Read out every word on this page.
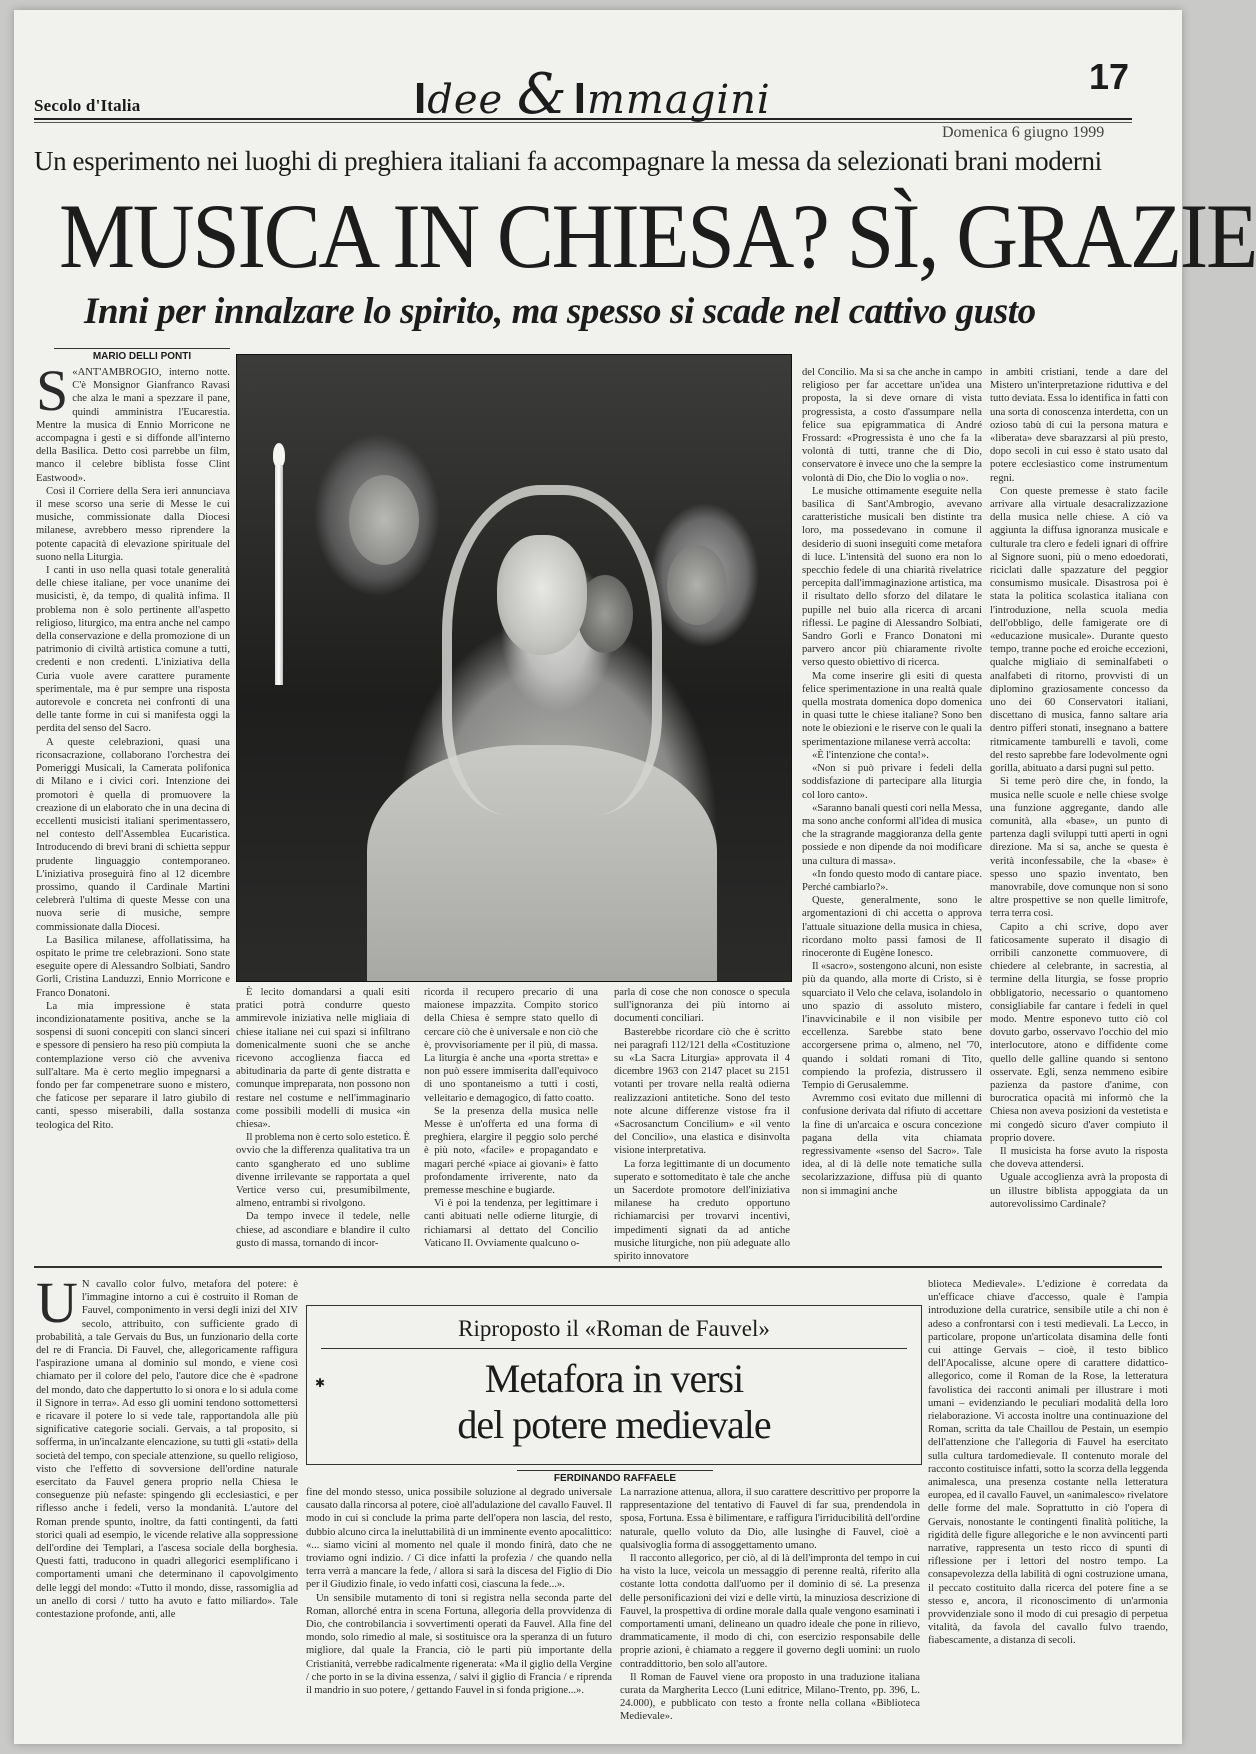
Secolo d'Italia	Idee & Immagini
17
Domenica 6 giugno 1999
Un esperimento nei luoghi di preghiera italiani fa accompagnare la messa da selezionati brani moderni
MUSICA IN CHIESA? SÌ, GRAZIE
Inni per innalzare lo spirito, ma spesso si scade nel cattivo gusto
MARIO DELLI PONTI
S «ANT'AMBROGIO, interno notte. C'è Monsignor Gianfranco Ravasi che alza le mani a spezzare il pane, quindi amministra l'Eucarestia. Mentre la musica di Ennio Morricone ne accompagna i gesti e si diffonde all'interno della Basilica. Detto così parrebbe un film, manco il celebre biblista fosse Clint Eastwood».

Così il Corriere della Sera ieri annunciava il mese scorso una serie di Messe le cui musiche, commissionate dalla Diocesi milanese, avrebbero messo riprendere la potente capacità di elevazione spirituale del suono nella Liturgia.

I canti in uso nella quasi totale generalità delle chiese italiane, per voce unanime dei musicisti, è, da tempo, di qualità infima. Il problema non è solo pertinente all'aspetto religioso, liturgico, ma entra anche nel campo della conservazione e della promozione di un patrimonio di civiltà artistica comune a tutti, credenti e non credenti. L'iniziativa della Curia vuole avere carattere puramente sperimentale, ma è pur sempre una risposta autorevole e concreta nei confronti di una delle tante forme in cui si manifesta oggi la perdita del senso del Sacro.

A queste celebrazioni, quasi una riconsacrazione, collaborano l'orchestra dei Pomeriggi Musicali, la Camerata polifonica di Milano e i civici cori. Intenzione dei promotori è quella di promuovere la creazione di un elaborato che in una decina di eccellenti musicisti italiani sperimentassero, nel contesto dell'Assemblea Eucaristica. Introducendo di brevi brani di schietta seppur prudente linguaggio contemporaneo. L'iniziativa proseguirà fino al 12 dicembre prossimo, quando il Cardinale Martini celebrerà l'ultima di queste Messe con una nuova serie di musiche, sempre commissionate dalla Diocesi.

La Basilica milanese, affollatissima, ha ospitato le prime tre celebrazioni. Sono state eseguite opere di Alessandro Solbiati, Sandro Gorli, Cristina Landuzzi, Ennio Morricone e Franco Donatoni.

La mia impressione è stata incondizionatamente positiva, anche se la sospensi di suoni concepiti con slanci sinceri e spessore di pensiero ha reso più compiuta la contemplazione verso ciò che avveniva sull'altare. Ma è certo meglio impegnarsi a fondo per far compenetrare suono e mistero, che faticose per separare il latro giubilo di canti, spesso miserabili, dalla sostanza teologica del Rito.

È lecito domandarsi a quali esiti pratici potrà condurre questo ammirevole iniziativa nelle migliaia di chiese italiane nei cui spazi si infiltrano domenicalmente suoni che se anche ricevono accoglienza fiacca ed abitudinaria da parte di gente distratta e comunque impreparata, non possono non restare nel costume e nell'immaginario come possibili modelli di musica «in chiesa».

Il problema non è certo solo estetico. È ovvio che la differenza qualitativa tra un canto sgangherato ed uno sublime divenne irrilevante se rapportata a quel Vertice verso cui, presumibilmente, almeno, entrambi si rivolgono.

Da tempo invece il tedele, nelle chiese, ad ascondiare e blandire il culto gusto di massa, tornando di incor-

ricorda il recupero precario di una maionese impazzita. Compito storico della Chiesa è sempre stato quello di cercare ciò che è universale e non ciò che è, provvisoriamente per il più, di massa. La liturgia è anche una «porta stretta» e non può essere immiserita dall'equivoco di uno spontaneismo a tutti i costi, velleitario e demagogico, di fatto coatto.

Se la presenza della musica nelle Messe è un'offerta ed una forma di preghiera, elargire il peggio solo perché è più noto, «facile» e propagandato e magari perché «piace ai giovani» è fatto profondamente irriverente, nato da premesse meschine e bugiarde.

Vi è poi la tendenza, per legittimare i canti abituati nelle odierne liturgie, di richiamarsi al dettato del Concilio Vaticano II. Ovviamente qualcuno o-

parla di cose che non conosce o specula sull'ignoranza dei più intorno ai documenti conciliari.

Basterebbe ricordare ciò che è scritto nei paragrafi 112/121 della «Costituzione su «La Sacra Liturgia» approvata il 4 dicembre 1963 con 2147 placet su 2151 votanti per trovare nella realtà odierna realizzazioni antitetiche. Sono del testo note alcune differenze vistose fra il «Sacrosanctum Concilium» e «il vento del Concilio», una elastica e disinvolta visione interpretativa.

La forza legittimante di un documento superato e sottomeditato è tale che anche un Sacerdote promotore dell'iniziativa milanese ha creduto opportuno richiamarcisi per trovarvi incentivi, impedimenti signati da ad antiche musiche liturgiche, non più adeguate allo spirito innovatore

del Concilio. Ma si sa che anche in campo religioso per far accettare un'idea una proposta, la si deve ornare di vista progressista, a costo d'assumpare nella felice sua epigrammatica di André Frossard: «Progressista è uno che fa la volontà di tutti, tranne che di Dio, conservatore è invece uno che la sempre la volontà di Dio, che Dio lo voglia o no».

Le musiche ottimamente eseguite nella basilica di Sant'Ambrogio, avevano caratteristiche musicali ben distinte tra loro, ma possedevano in comune il desiderio di suoni inseguiti come metafora di luce. L'intensità del suono era non lo specchio fedele di una chiarità rivelatrice percepita dall'immaginazione artistica, ma il risultato dello sforzo del dilatare le pupille nel buio alla ricerca di arcani riflessi. Le pagine di Alessandro Solbiati, Sandro Gorli e Franco Donatoni mi parvero ancor più chiaramente rivolte verso questo obiettivo di ricerca.

Ma come inserire gli esiti di questa felice sperimentazione in una realtà quale quella mostrata domenica dopo domenica in quasi tutte le chiese italiane? Sono ben note le obiezioni e le riserve con le quali la sperimentazione milanese verrà accolta:

«È l'intenzione che conta!».

«Non si può privare i fedeli della soddisfazione di partecipare alla liturgia col loro canto».

«Saranno banali questi cori nella Messa, ma sono anche conformi all'idea di musica che la stragrande maggioranza della gente possiede e non dipende da noi modificare una cultura di massa».

«In fondo questo modo di cantare piace. Perché cambiarlo?».

Queste, generalmente, sono le argomentazioni di chi accetta o approva l'attuale situazione della musica in chiesa, ricordano molto passi famosi de Il rinoceronte di Eugène Ionesco.

Il «sacro», sostengono alcuni, non esiste più da quando, alla morte di Cristo, si è squarciato il Velo che celava, isolandolo in uno spazio di assoluto mistero, l'inavvicinabile e il non visibile per eccellenza. Sarebbe stato bene accorgersene prima o, almeno, nel '70, quando i soldati romani di Tito, compiendo la profezia, distrussero il Tempio di Gerusalemme.

Avremmo così evitato due millenni di confusione derivata dal rifiuto di accettare la fine di un'arcaica e oscura concezione pagana della vita chiamata regressivamente «senso del Sacro». Tale idea, al di là delle note tematiche sulla secolarizzazione, diffusa più di quanto non si immagini anche

in ambiti cristiani, tende a dare del Mistero un'interpretazione riduttiva e del tutto deviata. Essa lo identifica in fatti con una sorta di conoscenza interdetta, con un ozioso tabù di cui la persona matura e «liberata» deve sbarazzarsi al più presto, dopo secoli in cui esso è stato usato dal potere ecclesiastico come instrumentum regni.

Con queste premesse è stato facile arrivare alla virtuale desacralizzazione della musica nelle chiese. A ciò va aggiunta la diffusa ignoranza musicale e culturale tra clero e fedeli ignari di offrire al Signore suoni, più o meno edoedorati, riciclati dalle spazzature del peggior consumismo musicale. Disastrosa poi è stata la politica scolastica italiana con l'introduzione, nella scuola media dell'obbligo, delle famigerate ore di «educazione musicale». Durante questo tempo, tranne poche ed eroiche eccezioni, qualche migliaio di seminalfabeti o analfabeti di ritorno, provvisti di un diplomino graziosamente concesso da uno dei 60 Conservatori italiani, discettano di musica, fanno saltare aria dentro pifferi stonati, insegnano a battere ritmicamente tamburelli e tavoli, come del resto saprebbe fare lodevolmente ogni gorilla, abituato a darsi pugni sul petto.

Si teme però dire che, in fondo, la musica nelle scuole e nelle chiese svolge una funzione aggregante, dando alle comunità, alla «base», un punto di partenza dagli sviluppi tutti aperti in ogni direzione. Ma si sa, anche se questa è verità inconfessabile, che la «base» è spesso uno spazio inventato, ben manovrabile, dove comunque non si sono altre prospettive se non quelle limitrofe, terra terra così.

Capito a chi scrive, dopo aver faticosamente superato il disagio di orribili canzonette commuovere, di chiedere al celebrante, in sacrestia, al termine della liturgia, se fosse proprio obbligatorio, necessario o quantomeno consigliabile far cantare i fedeli in quel modo. Mentre esponevo tutto ciò col dovuto garbo, osservavo l'occhio del mio interlocutore, atono e diffidente come quello delle galline quando si sentono osservate. Egli, senza nemmeno esibire pazienza da pastore d'anime, con burocratica opacità mi informò che la Chiesa non aveva posizioni da vestetista e mi congedò sicuro d'aver compiuto il proprio dovere.

Il musicista ha forse avuto la risposta che doveva attendersi.

Uguale accoglienza avrà la proposta di un illustre biblista appoggiata da un autorevolissimo Cardinale?

✱
Riproposto il «Roman de Fauvel»
Metafora in versi
del potere medievale
FERDINANDO RAFFAELE
U N cavallo color fulvo, metafora del potere: è l'immagine intorno a cui è costruito il Roman de Fauvel, componimento in versi degli inizi del XIV secolo, attribuito, con sufficiente grado di probabilità, a tale Gervais du Bus, un funzionario della corte del re di Francia. Di Fauvel, che, allegoricamente raffigura l'aspirazione umana al dominio sul mondo, e viene così chiamato per il colore del pelo, l'autore dice che è «padrone del mondo, dato che dappertutto lo si onora e lo si adula come il Signore in terra». Ad esso gli uomini tendono sottomettersi e ricavare il potere lo si vede tale, rapportandola alle più significative categorie sociali. Gervais, a tal proposito, si sofferma, in un'incalzante elencazione, su tutti gli «stati» della società del tempo, con speciale attenzione, su quello religioso, visto che l'effetto di sovversione dell'ordine naturale esercitato da Fauvel genera proprio nella Chiesa le conseguenze più nefaste: spingendo gli ecclesiastici, e per riflesso anche i fedeli, verso la mondanità. L'autore del Roman prende spunto, inoltre, da fatti contingenti, da fatti storici quali ad esempio, le vicende relative alla soppressione dell'ordine dei Templari, a l'ascesa sociale della borghesia. Questi fatti, traducono in quadri allegorici esemplificano i comportamenti umani che determinano il capovolgimento delle leggi del mondo: «Tutto il mondo, disse, rassomiglia ad un anello di corsi / tutto ha avuto e fatto miliardo». Tale contestazione profonde, anti, alle

fine del mondo stesso, unica possibile soluzione al degrado universale causato dalla rincorsa al potere, cioè all'adulazione del cavallo Fauvel. Il modo in cui si conclude la prima parte dell'opera non lascia, del resto, dubbio alcuno circa la ineluttabilità di un imminente evento apocalittico: «... siamo vicini al momento nel quale il mondo finirà, dato che ne troviamo ogni indizio. / Ci dice infatti la profezia / che quando nella terra verrà a mancare la fede, / allora si sarà la discesa del Figlio di Dio per il Giudizio finale, io vedo infatti così, ciascuna la fede...».

Un sensibile mutamento di toni si registra nella seconda parte del Roman, allorché entra in scena Fortuna, allegoria della provvidenza di Dio, che controbilancia i sovvertimenti operati da Fauvel. Alla fine del mondo, solo rimedio al male, si sostituisce ora la speranza di un futuro migliore, dal quale la Francia, ciò le parti più importante della Cristianità, verrebbe radicalmente rigenerata: «Ma il giglio della Vergine / che porto in se la divina essenza, / salvi il giglio di Francia / e riprenda il mandrio in suo potere, / gettando Fauvel in sì fonda prigione...».

La narrazione attenua, allora, il suo carattere descrittivo per proporre la rappresentazione del tentativo di Fauvel di far sua, prendendola in sposa, Fortuna. Essa è bilimentare, e raffigura l'irriducibilità dell'ordine naturale, quello voluto da Dio, alle lusinghe di Fauvel, cioè a qualsivoglia forma di assoggettamento umano.

Il racconto allegorico, per ciò, al di là dell'impronta del tempo in cui ha visto la luce, veicola un messaggio di perenne realtà, riferito alla costante lotta condotta dall'uomo per il dominio di sé. La presenza delle personificazioni dei vizi e delle virtù, la minuziosa descrizione di Fauvel, la prospettiva di ordine morale dalla quale vengono esaminati i comportamenti umani, delineano un quadro ideale che pone in rilievo, drammaticamente, il modo di chi, con esercizio responsabile delle proprie azioni, è chiamato a reggere il governo degli uomini: un ruolo contraddittorio, ben solo all'autore.

Il Roman de Fauvel viene ora proposto in una traduzione italiana curata da Margherita Lecco (Luni editrice, Milano-Trento, pp. 396, L. 24.000), e pubblicato con testo a fronte nella collana «Biblioteca Medievale».

blioteca Medievale». L'edizione è corredata da un'efficace chiave d'accesso, quale è l'ampia introduzione della curatrice, sensibile utile a chi non è adeso a confrontarsi con i testi medievali. La Lecco, in particolare, propone un'articolata disamina delle fonti cui attinge Gervais – cioè, il testo biblico dell'Apocalisse, alcune opere di carattere didattico-allegorico, come il Roman de la Rose, la letteratura favolistica dei racconti animali per illustrare i moti umani – evidenziando le peculiari modalità della loro rielaborazione. Vi accosta inoltre una continuazione del Roman, scritta da tale Chaillou de Pestain, un esempio dell'attenzione che l'allegoria di Fauvel ha esercitato sulla cultura tardomedievale. Il contenuto morale del racconto costituisce infatti, sotto la scorza della leggenda animalesca, una presenza costante nella letteratura europea, ed il cavallo Fauvel, un «animalesco» rivelatore delle forme del male. Soprattutto in ciò l'opera di Gervais, nonostante le contingenti finalità politiche, la rigidità delle figure allegoriche e le non avvincenti parti narrative, rappresenta un testo ricco di spunti di riflessione per i lettori del nostro tempo. La consapevolezza della labilità di ogni costruzione umana, il peccato costituito dalla ricerca del potere fine a se stesso e, ancora, il riconoscimento di un'armonia provvidenziale sono il modo di cui presagio di perpetua vitalità, da favola del cavallo fulvo traendo, fiabescamente, a distanza di secoli.
